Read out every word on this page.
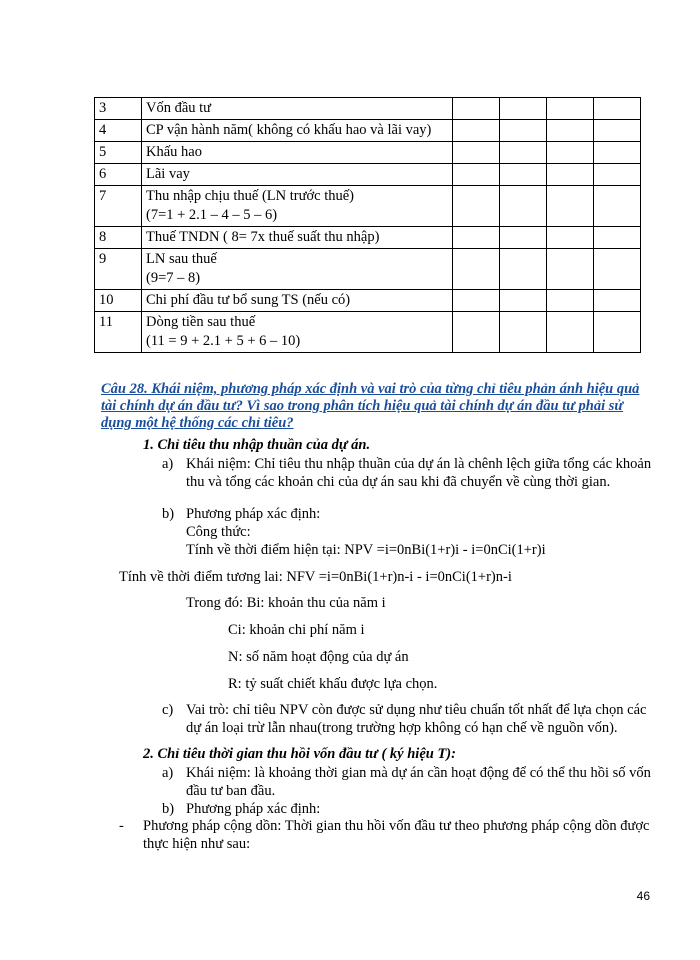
3	Vốn đầu tư				

4	CP vận hành năm( không có khấu hao và lãi vay)				

5	Khấu hao				

6	Lãi vay				

7	Thu nhập chịu thuế (LN trước thuế)
(7=1 + 2.1 – 4 – 5 – 6)				

8	Thuế TNDN ( 8= 7x thuế suất thu nhập)				

9	LN sau thuế
(9=7 – 8)				

10	Chi phí đầu tư bổ sung TS (nếu có)				

11	Dòng tiền sau thuế
(11 = 9 + 2.1 + 5 + 6 – 10)				

Câu 28. Khái niệm, phương pháp xác định và vai trò của từng chỉ tiêu phản ánh hiệu quả tài chính dự án đầu tư? Vì sao trong phân tích hiệu quả tài chính dự án đầu tư phải sử dụng một hệ thống các chỉ tiêu?
1. Chỉ tiêu thu nhập thuần của dự án.
a) Khái niệm: Chỉ tiêu thu nhập thuần của dự án là chênh lệch giữa tổng các khoản thu và tổng các khoản chi của dự án sau khi đã chuyển về cùng thời gian.
b) Phương pháp xác định:
Công thức:
Tính về thời điểm hiện tại: NPV =i=0nBi(1+r)i - i=0nCi(1+r)i
Tính về thời điểm tương lai: NFV =i=0nBi(1+r)n-i - i=0nCi(1+r)n-i
Trong đó: Bi: khoản thu của năm i
Ci: khoản chi phí năm i
N: số năm hoạt động của dự án
R: tỷ suất chiết khấu được lựa chọn.
c) Vai trò: chỉ tiêu NPV còn được sử dụng như tiêu chuẩn tốt nhất để lựa chọn các dự án loại trừ lẫn nhau(trong trường hợp không có hạn chế về nguồn vốn).
2. Chỉ tiêu thời gian thu hồi vốn đầu tư ( ký hiệu T):
a) Khái niệm: là khoảng thời gian mà dự án cần hoạt động để có thể thu hồi số vốn đầu tư ban đầu.
b) Phương pháp xác định:
- Phương pháp cộng dồn: Thời gian thu hồi vốn đầu tư theo phương pháp cộng dồn được thực hiện như sau:
46
